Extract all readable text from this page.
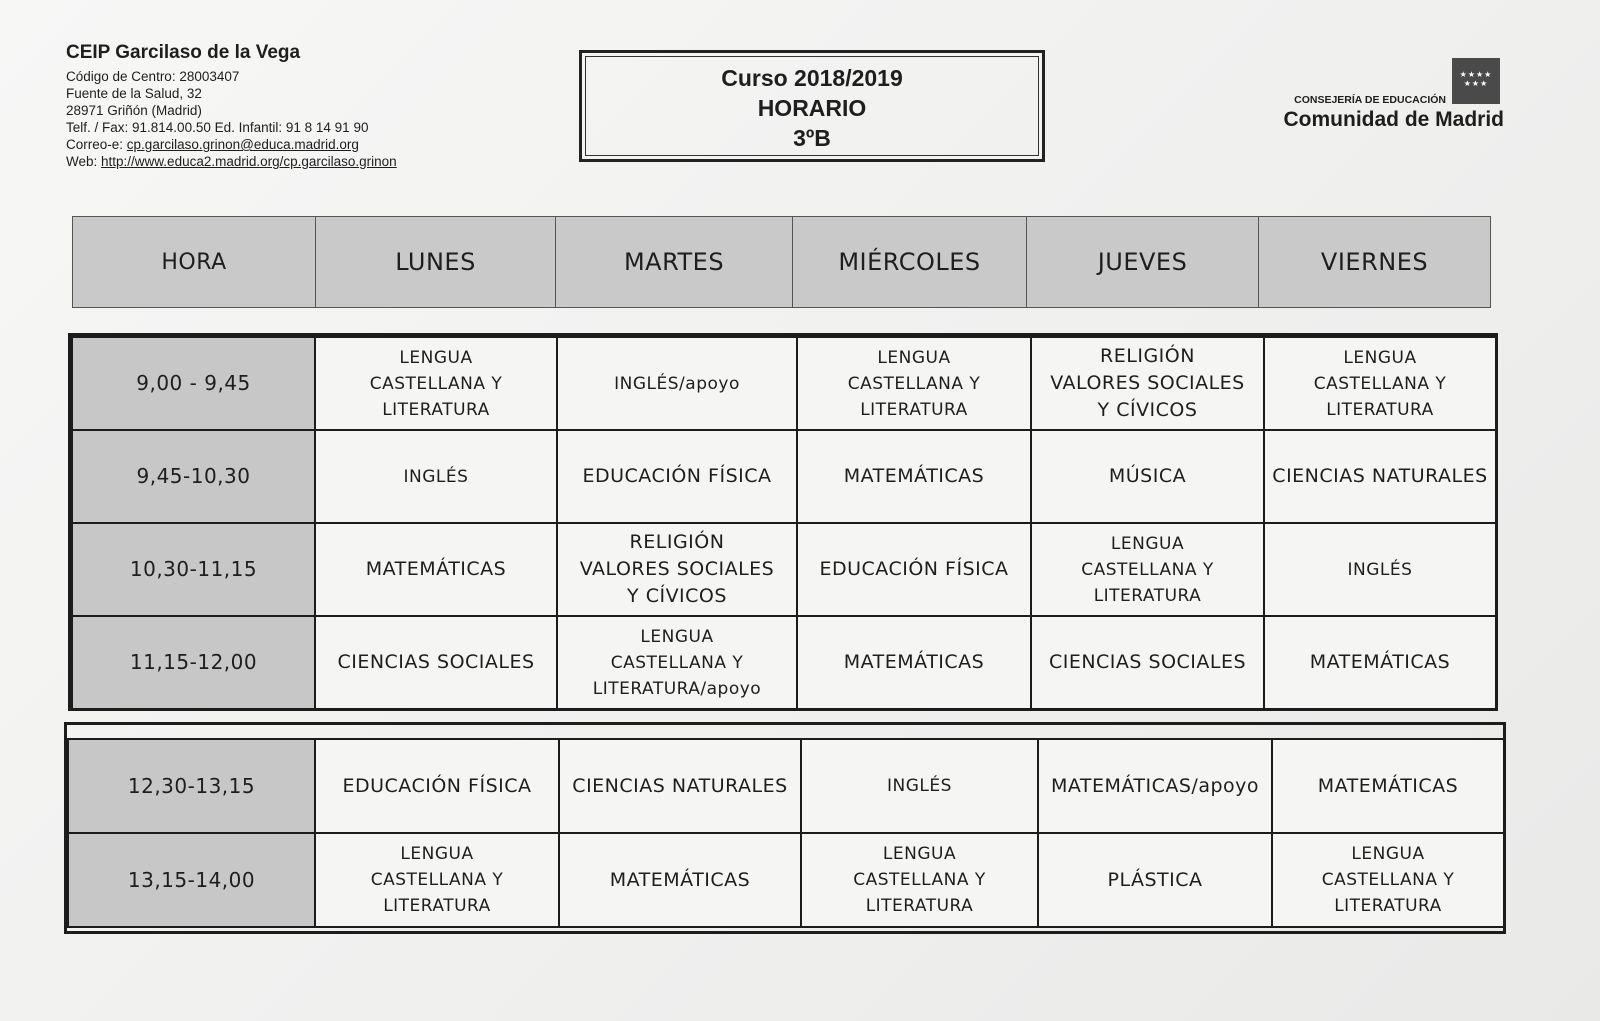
CEIP Garcilaso de la Vega
Código de Centro: 28003407
Fuente de la Salud, 32
28971 Griñón (Madrid)
Telf. / Fax: 91.814.00.50 Ed. Infantil: 91 8 14 91 90
Correo-e: cp.garcilaso.grinon@educa.madrid.org
Web: http://www.educa2.madrid.org/cp.garcilaso.grinon
Curso 2018/2019
HORARIO
3ºB
★★★★
★★★
CONSEJERÍA DE EDUCACIÓN
Comunidad de Madrid
HORA	LUNES	MARTES	MIÉRCOLES	JUEVES	VIERNES
9,00 - 9,45	LENGUA
CASTELLANA Y
LITERATURA	INGLÉS/apoyo	LENGUA
CASTELLANA Y
LITERATURA	RELIGIÓN
VALORES SOCIALES
Y CÍVICOS	LENGUA
CASTELLANA Y
LITERATURA
9,45-10,30	INGLÉS	EDUCACIÓN FÍSICA	MATEMÁTICAS	MÚSICA	CIENCIAS NATURALES
10,30-11,15	MATEMÁTICAS	RELIGIÓN
VALORES SOCIALES
Y CÍVICOS	EDUCACIÓN FÍSICA	LENGUA
CASTELLANA Y
LITERATURA	INGLÉS
11,15-12,00	CIENCIAS SOCIALES	LENGUA
CASTELLANA Y
LITERATURA/apoyo	MATEMÁTICAS	CIENCIAS SOCIALES	MATEMÁTICAS
12,30-13,15	EDUCACIÓN FÍSICA	CIENCIAS NATURALES	INGLÉS	MATEMÁTICAS/apoyo	MATEMÁTICAS
13,15-14,00	LENGUA
CASTELLANA Y
LITERATURA	MATEMÁTICAS	LENGUA
CASTELLANA Y
LITERATURA	PLÁSTICA	LENGUA
CASTELLANA Y
LITERATURA
